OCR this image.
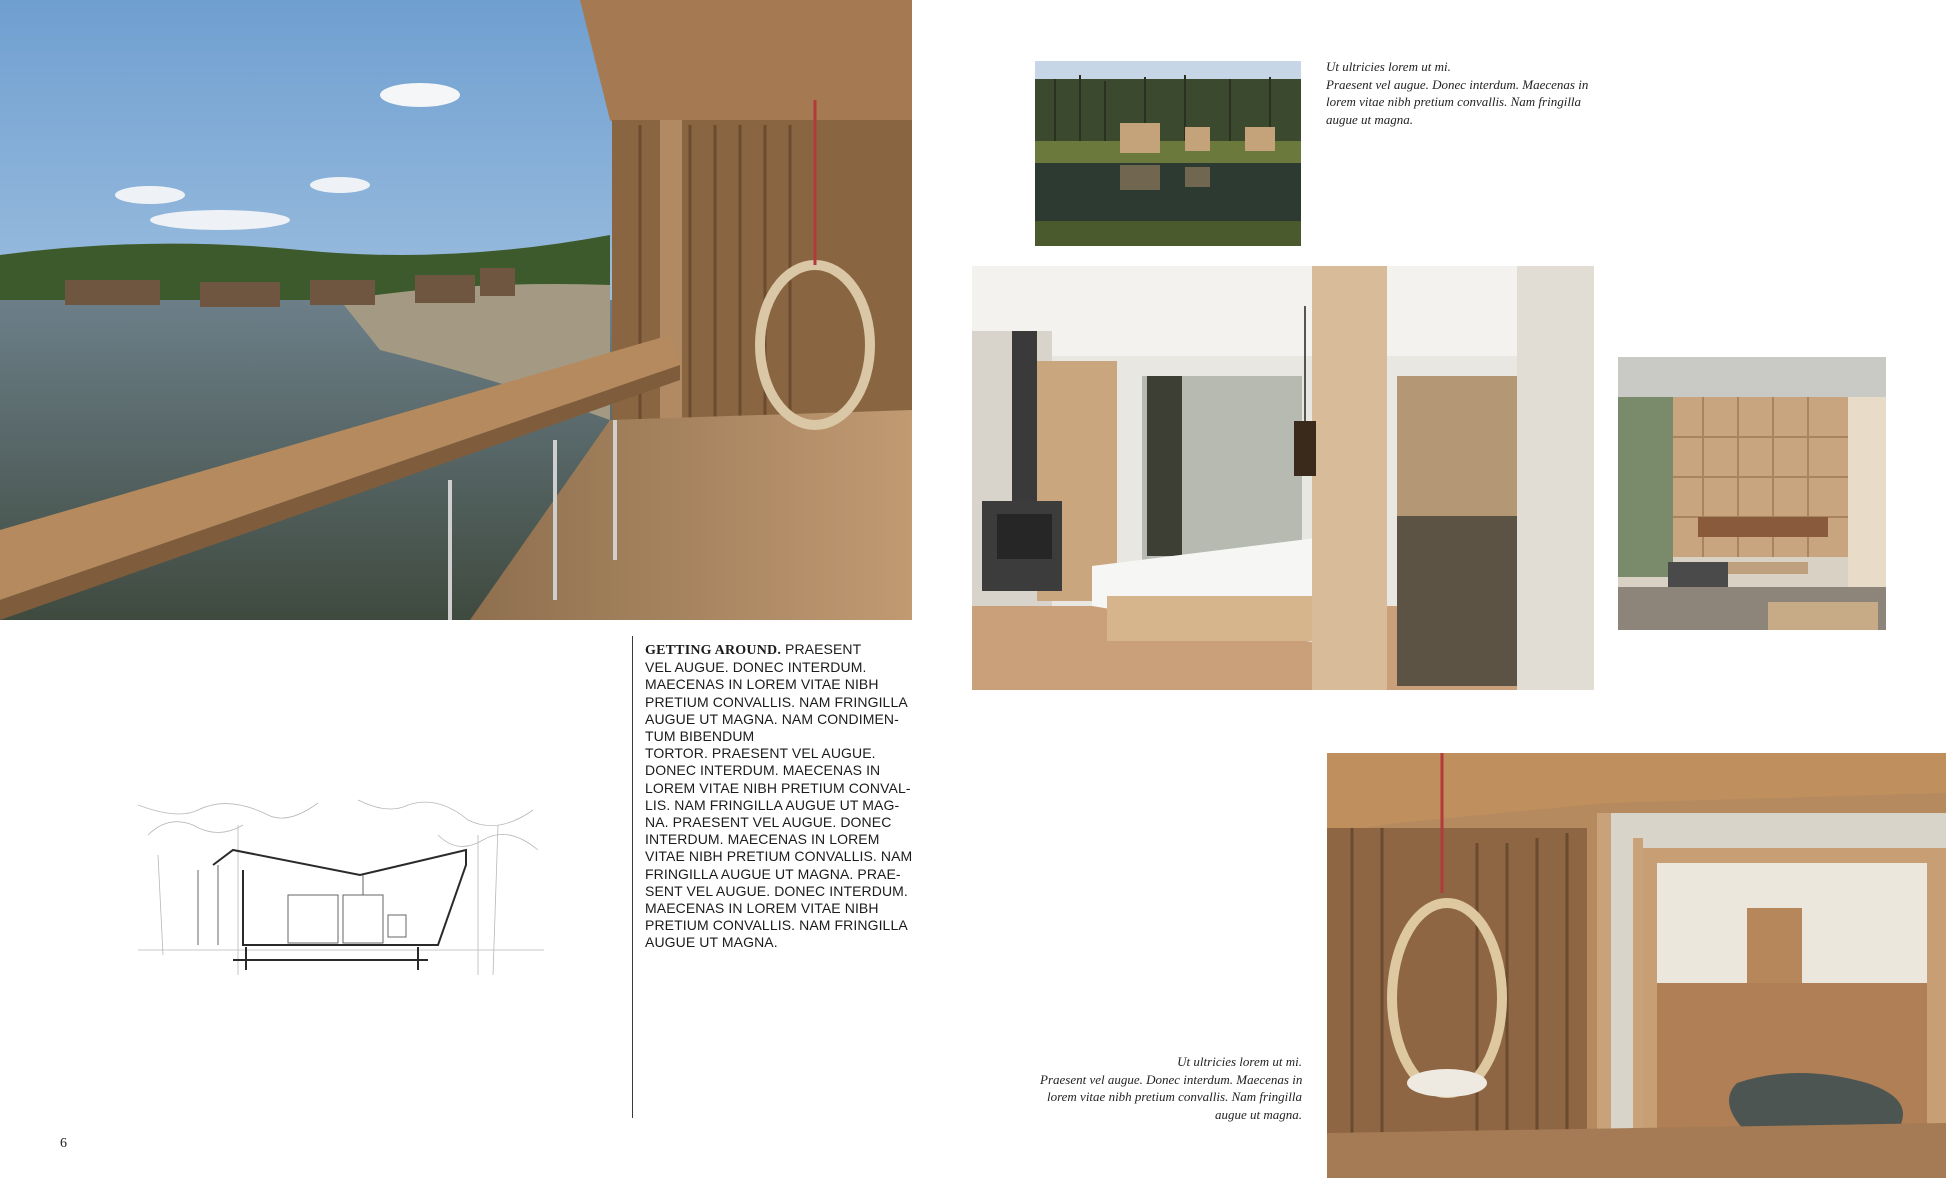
GETTING AROUND. PRAESENT
VEL AUGUE. DONEC INTERDUM.
MAECENAS IN LOREM VITAE NIBH
PRETIUM CONVALLIS. NAM FRINGILLA
AUGUE UT MAGNA. NAM CONDIMEN-
TUM BIBENDUM
TORTOR. PRAESENT VEL AUGUE.
DONEC INTERDUM. MAECENAS IN
LOREM VITAE NIBH PRETIUM CONVAL-
LIS. NAM FRINGILLA AUGUE UT MAG-
NA. PRAESENT VEL AUGUE. DONEC
INTERDUM. MAECENAS IN LOREM
VITAE NIBH PRETIUM CONVALLIS. NAM
FRINGILLA AUGUE UT MAGNA. PRAE-
SENT VEL AUGUE. DONEC INTERDUM.
MAECENAS IN LOREM VITAE NIBH
PRETIUM CONVALLIS. NAM FRINGILLA
AUGUE UT MAGNA.
Ut ultricies lorem ut mi.
Praesent vel augue. Donec interdum. Maecenas in
lorem vitae nibh pretium convallis. Nam fringilla
augue ut magna.
Ut ultricies lorem ut mi.
Praesent vel augue. Donec interdum. Maecenas in
lorem vitae nibh pretium convallis. Nam fringilla
augue ut magna.
6
